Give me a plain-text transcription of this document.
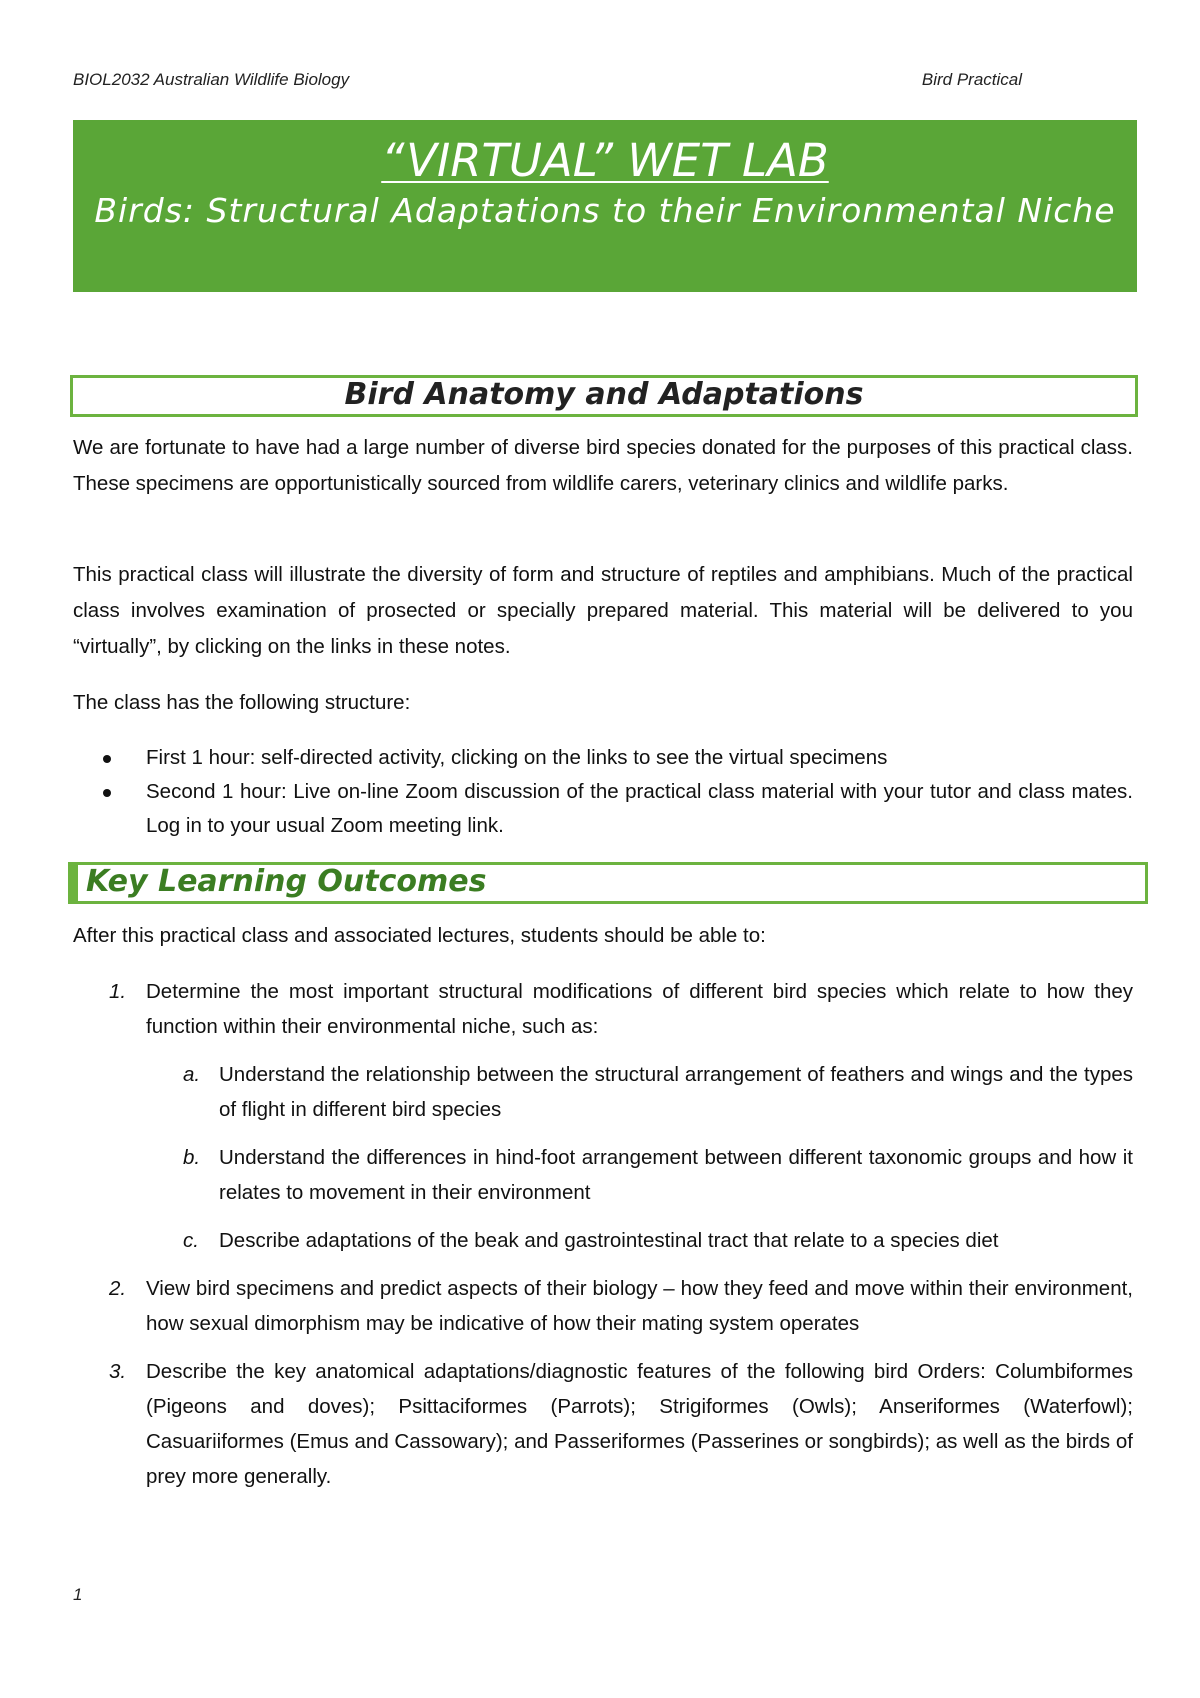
BIOL2032 Australian Wildlife Biology	Bird Practical
“VIRTUAL” WET LAB
Birds: Structural Adaptations to their Environmental Niche
Bird Anatomy and Adaptations

We are fortunate to have had a large number of diverse bird species donated for the purposes of this practical class. These specimens are opportunistically sourced from wildlife carers, veterinary clinics and wildlife parks.

This practical class will illustrate the diversity of form and structure of reptiles and amphibians. Much of the practical class involves examination of prosected or specially prepared material. This material will be delivered to you “virtually”, by clicking on the links in these notes.

The class has the following structure:

First 1 hour: self-directed activity, clicking on the links to see the virtual specimens
Second 1 hour: Live on-line Zoom discussion of the practical class material with your tutor and class mates. Log in to your usual Zoom meeting link.
Key Learning Outcomes

After this practical class and associated lectures, students should be able to:

1. Determine the most important structural modifications of different bird species which relate to how they function within their environmental niche, such as:
a. Understand the relationship between the structural arrangement of feathers and wings and the types of flight in different bird species
b. Understand the differences in hind-foot arrangement between different taxonomic groups and how it relates to movement in their environment
c. Describe adaptations of the beak and gastrointestinal tract that relate to a species diet
2. View bird specimens and predict aspects of their biology – how they feed and move within their environment, how sexual dimorphism may be indicative of how their mating system operates
3. Describe the key anatomical adaptations/diagnostic features of the following bird Orders: Columbiformes (Pigeons and doves); Psittaciformes (Parrots); Strigiformes (Owls); Anseriformes (Waterfowl); Casuariiformes (Emus and Cassowary); and Passeriformes (Passerines or songbirds); as well as the birds of prey more generally.
1
